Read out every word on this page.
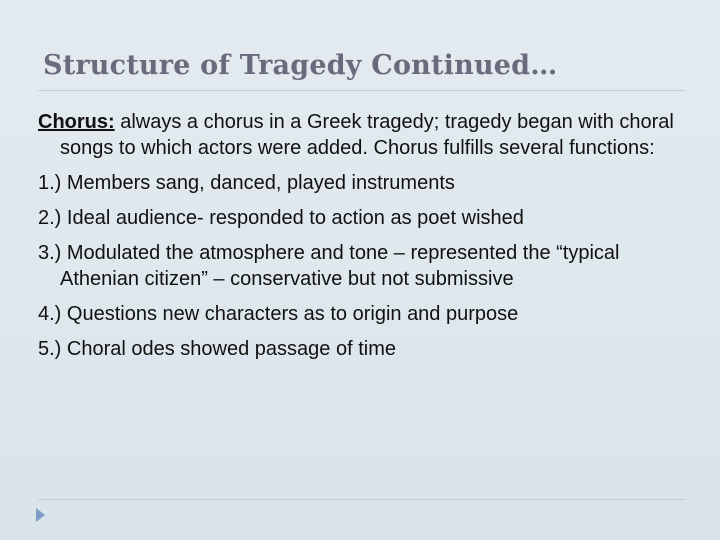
Structure of Tragedy Continued…

Chorus: always a chorus in a Greek tragedy; tragedy began with choral songs to which actors were added. Chorus fulfills several functions:

1.) Members sang, danced, played instruments

2.) Ideal audience- responded to action as poet wished

3.) Modulated the atmosphere and tone – represented the “typical Athenian citizen” – conservative but not submissive

4.) Questions new characters as to origin and purpose

5.) Choral odes showed passage of time
